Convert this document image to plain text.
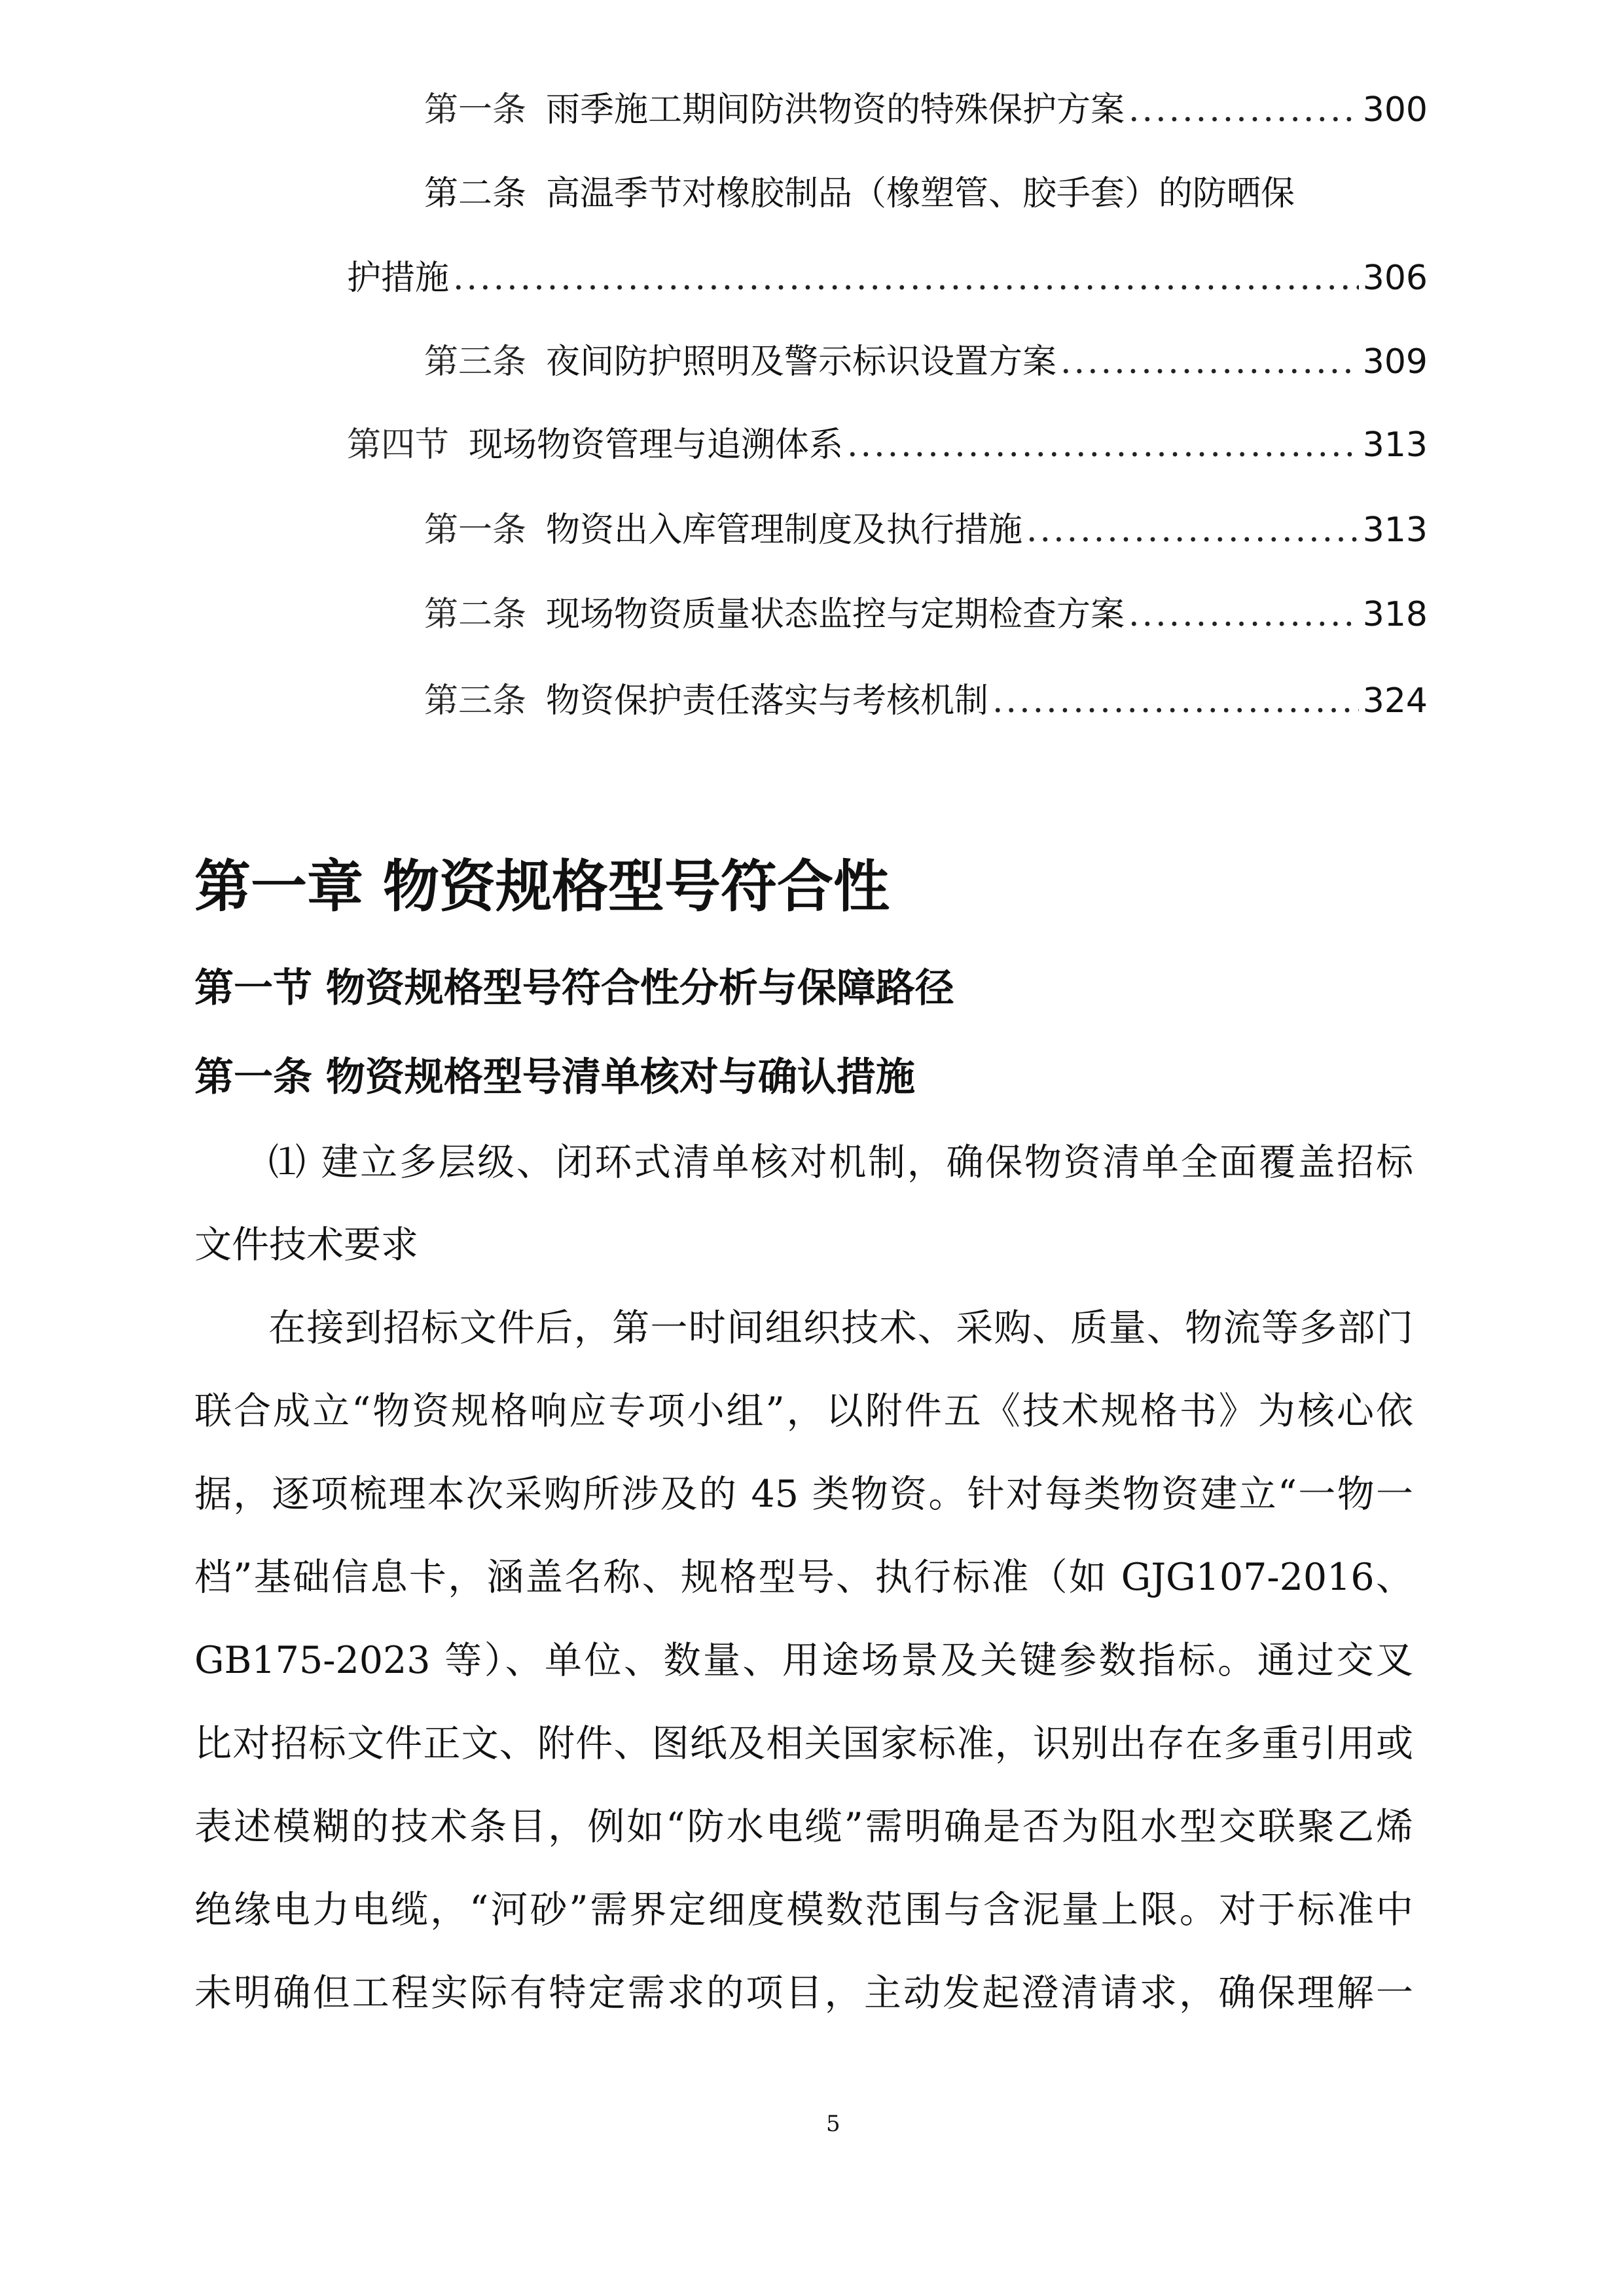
第一条 雨季施工期间防洪物资的特殊保护方案 .....	300
第二条 高温季节对橡胶制品（橡塑管、胶手套）的防晒保
护措施 .....	306
第三条 夜间防护照明及警示标识设置方案 .....	309
第四节 现场物资管理与追溯体系 .....	313
第一条 物资出入库管理制度及执行措施 .....	313
第二条 现场物资质量状态监控与定期检查方案 .....	318
第三条 物资保护责任落实与考核机制 .....	324
第一章 物资规格型号符合性
第一节 物资规格型号符合性分析与保障路径
第一条 物资规格型号清单核对与确认措施
⑴ 建立多层级、闭环式清单核对机制，确保物资清单全面覆盖招标
文件技术要求
在接到招标文件后，第一时间组织技术、采购、质量、物流等多部门
联合成立“物资规格响应专项小组”，以附件五《技术规格书》为核心依
据，逐项梳理本次采购所涉及的 45 类物资。针对每类物资建立“一物一
档”基础信息卡，涵盖名称、规格型号、执行标准（如 GJG107-2016、
GB175-2023 等）、单位、数量、用途场景及关键参数指标。通过交叉
比对招标文件正文、附件、图纸及相关国家标准，识别出存在多重引用或
表述模糊的技术条目，例如“防水电缆”需明确是否为阻水型交联聚乙烯
绝缘电力电缆，“河砂”需界定细度模数范围与含泥量上限。对于标准中
未明确但工程实际有特定需求的项目，主动发起澄清请求，确保理解一
5
